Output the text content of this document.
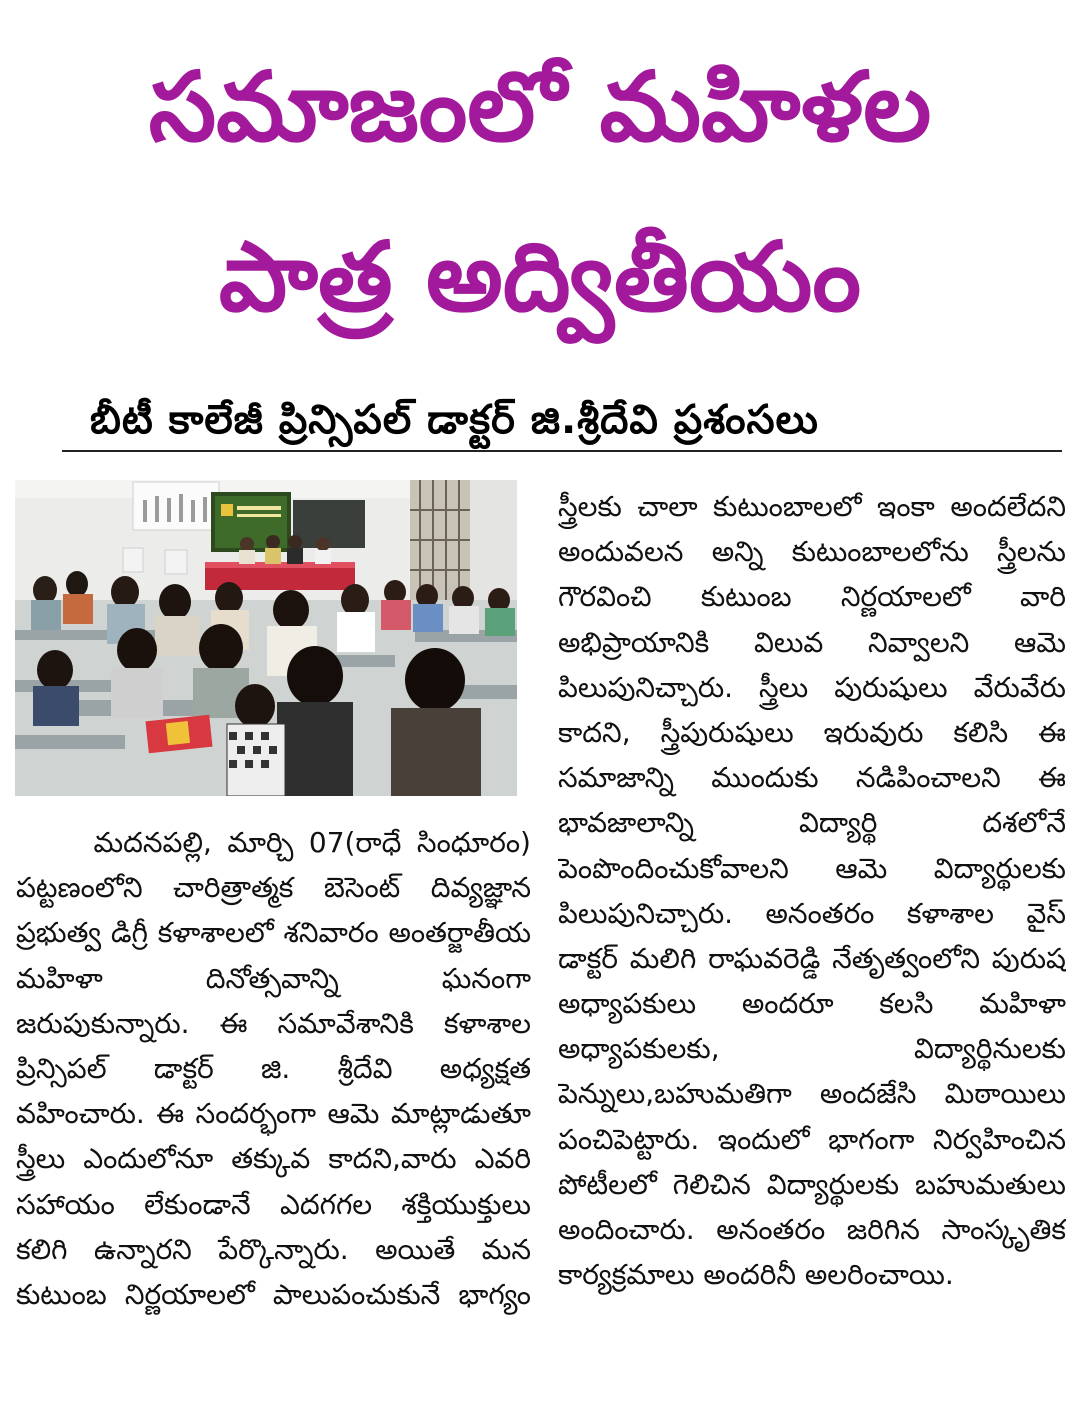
సమాజంలో మహిళల
పాత్ర అద్వితీయం
బీటీ కాలేజీ ప్రిన్సిపల్ డాక్టర్ జి.శ్రీదేవి ప్రశంసలు
మదనపల్లి, మార్చి 07(రాధే సింధూరం)
పట్టణంలోని చారిత్రాత్మక బెసెంట్ దివ్యజ్ఞాన
ప్రభుత్వ డిగ్రీ కళాశాలలో శనివారం అంతర్జాతీయ
మహిళా దినోత్సవాన్ని ఘనంగా
జరుపుకున్నారు. ఈ సమావేశానికి కళాశాల
ప్రిన్సిపల్ డాక్టర్ జి. శ్రీదేవి అధ్యక్షత
వహించారు. ఈ సందర్భంగా ఆమె మాట్లాడుతూ
స్త్రీలు ఎందులోనూ తక్కువ కాదని,వారు ఎవరి
సహాయం లేకుండానే ఎదగగల శక్తియుక్తులు
కలిగి ఉన్నారని పేర్కొన్నారు. అయితే మన
కుటుంబ నిర్ణయాలలో పాలుపంచుకునే భాగ్యం
స్త్రీలకు చాలా కుటుంబాలలో ఇంకా అందలేదని
అందువలన అన్ని కుటుంబాలలోను స్త్రీలను
గౌరవించి కుటుంబ నిర్ణయాలలో వారి
అభిప్రాయానికి విలువ నివ్వాలని ఆమె
పిలుపునిచ్చారు. స్త్రీలు పురుషులు వేరువేరు
కాదని, స్త్రీపురుషులు ఇరువురు కలిసి ఈ
సమాజాన్ని ముందుకు నడిపించాలని ఈ
భావజాలాన్ని విద్యార్థి దశలోనే
పెంపొందించుకోవాలని ఆమె విద్యార్థులకు
పిలుపునిచ్చారు. అనంతరం కళాశాల వైస్
డాక్టర్ మలిగి రాఘవరెడ్డి నేతృత్వంలోని పురుష
అధ్యాపకులు అందరూ కలసి మహిళా
అధ్యాపకులకు, విద్యార్థినులకు
పెన్నులు,బహుమతిగా అందజేసి మిఠాయిలు
పంచిపెట్టారు. ఇందులో భాగంగా నిర్వహించిన
పోటీలలో గెలిచిన విద్యార్థులకు బహుమతులు
అందించారు. అనంతరం జరిగిన సాంస్కృతిక
కార్యక్రమాలు అందరినీ అలరించాయి.
